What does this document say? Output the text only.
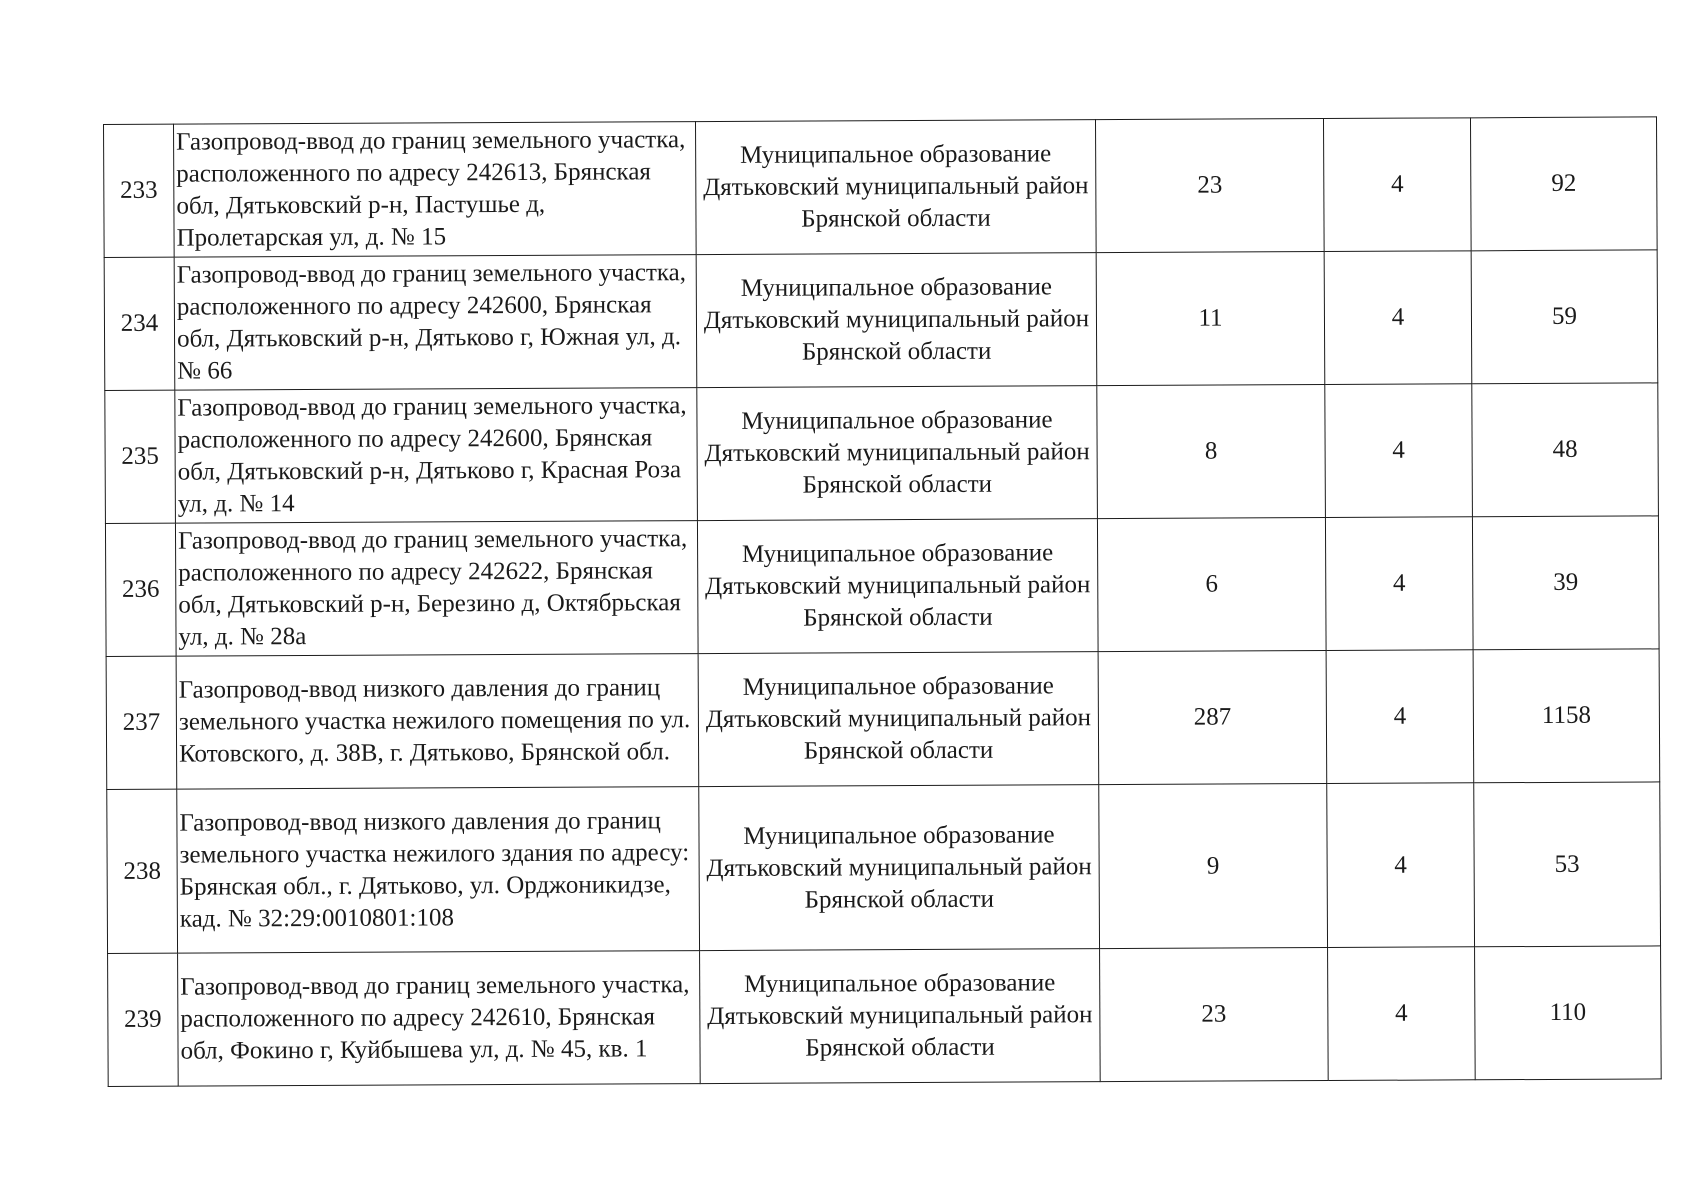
233	Газопровод-ввод до границ земельного участка, расположенного по адресу 242613, Брянская обл, Дятьковский р-н, Пастушье д, Пролетарская ул, д. № 15	Муниципальное образование Дятьковский муниципальный район Брянской области	23	4	92
234	Газопровод-ввод до границ земельного участка, расположенного по адресу 242600, Брянская обл, Дятьковский р-н, Дятьково г, Южная ул, д. № 66	Муниципальное образование Дятьковский муниципальный район Брянской области	11	4	59
235	Газопровод-ввод до границ земельного участка, расположенного по адресу 242600, Брянская обл, Дятьковский р-н, Дятьково г, Красная Роза ул, д. № 14	Муниципальное образование Дятьковский муниципальный район Брянской области	8	4	48
236	Газопровод-ввод до границ земельного участка, расположенного по адресу 242622, Брянская обл, Дятьковский р-н, Березино д, Октябрьская ул, д. № 28а	Муниципальное образование Дятьковский муниципальный район Брянской области	6	4	39
237	Газопровод-ввод низкого давления до границ земельного участка нежилого помещения по ул. Котовского, д. 38В, г. Дятьково, Брянской обл.	Муниципальное образование Дятьковский муниципальный район Брянской области	287	4	1158
238	Газопровод-ввод низкого давления до границ земельного участка нежилого здания по адресу: Брянская обл., г. Дятьково, ул. Орджоникидзе, кад. № 32:29:0010801:108	Муниципальное образование Дятьковский муниципальный район Брянской области	9	4	53
239	Газопровод-ввод до границ земельного участка, расположенного по адресу 242610, Брянская обл, Фокино г, Куйбышева ул, д. № 45, кв. 1	Муниципальное образование Дятьковский муниципальный район Брянской области	23	4	110
